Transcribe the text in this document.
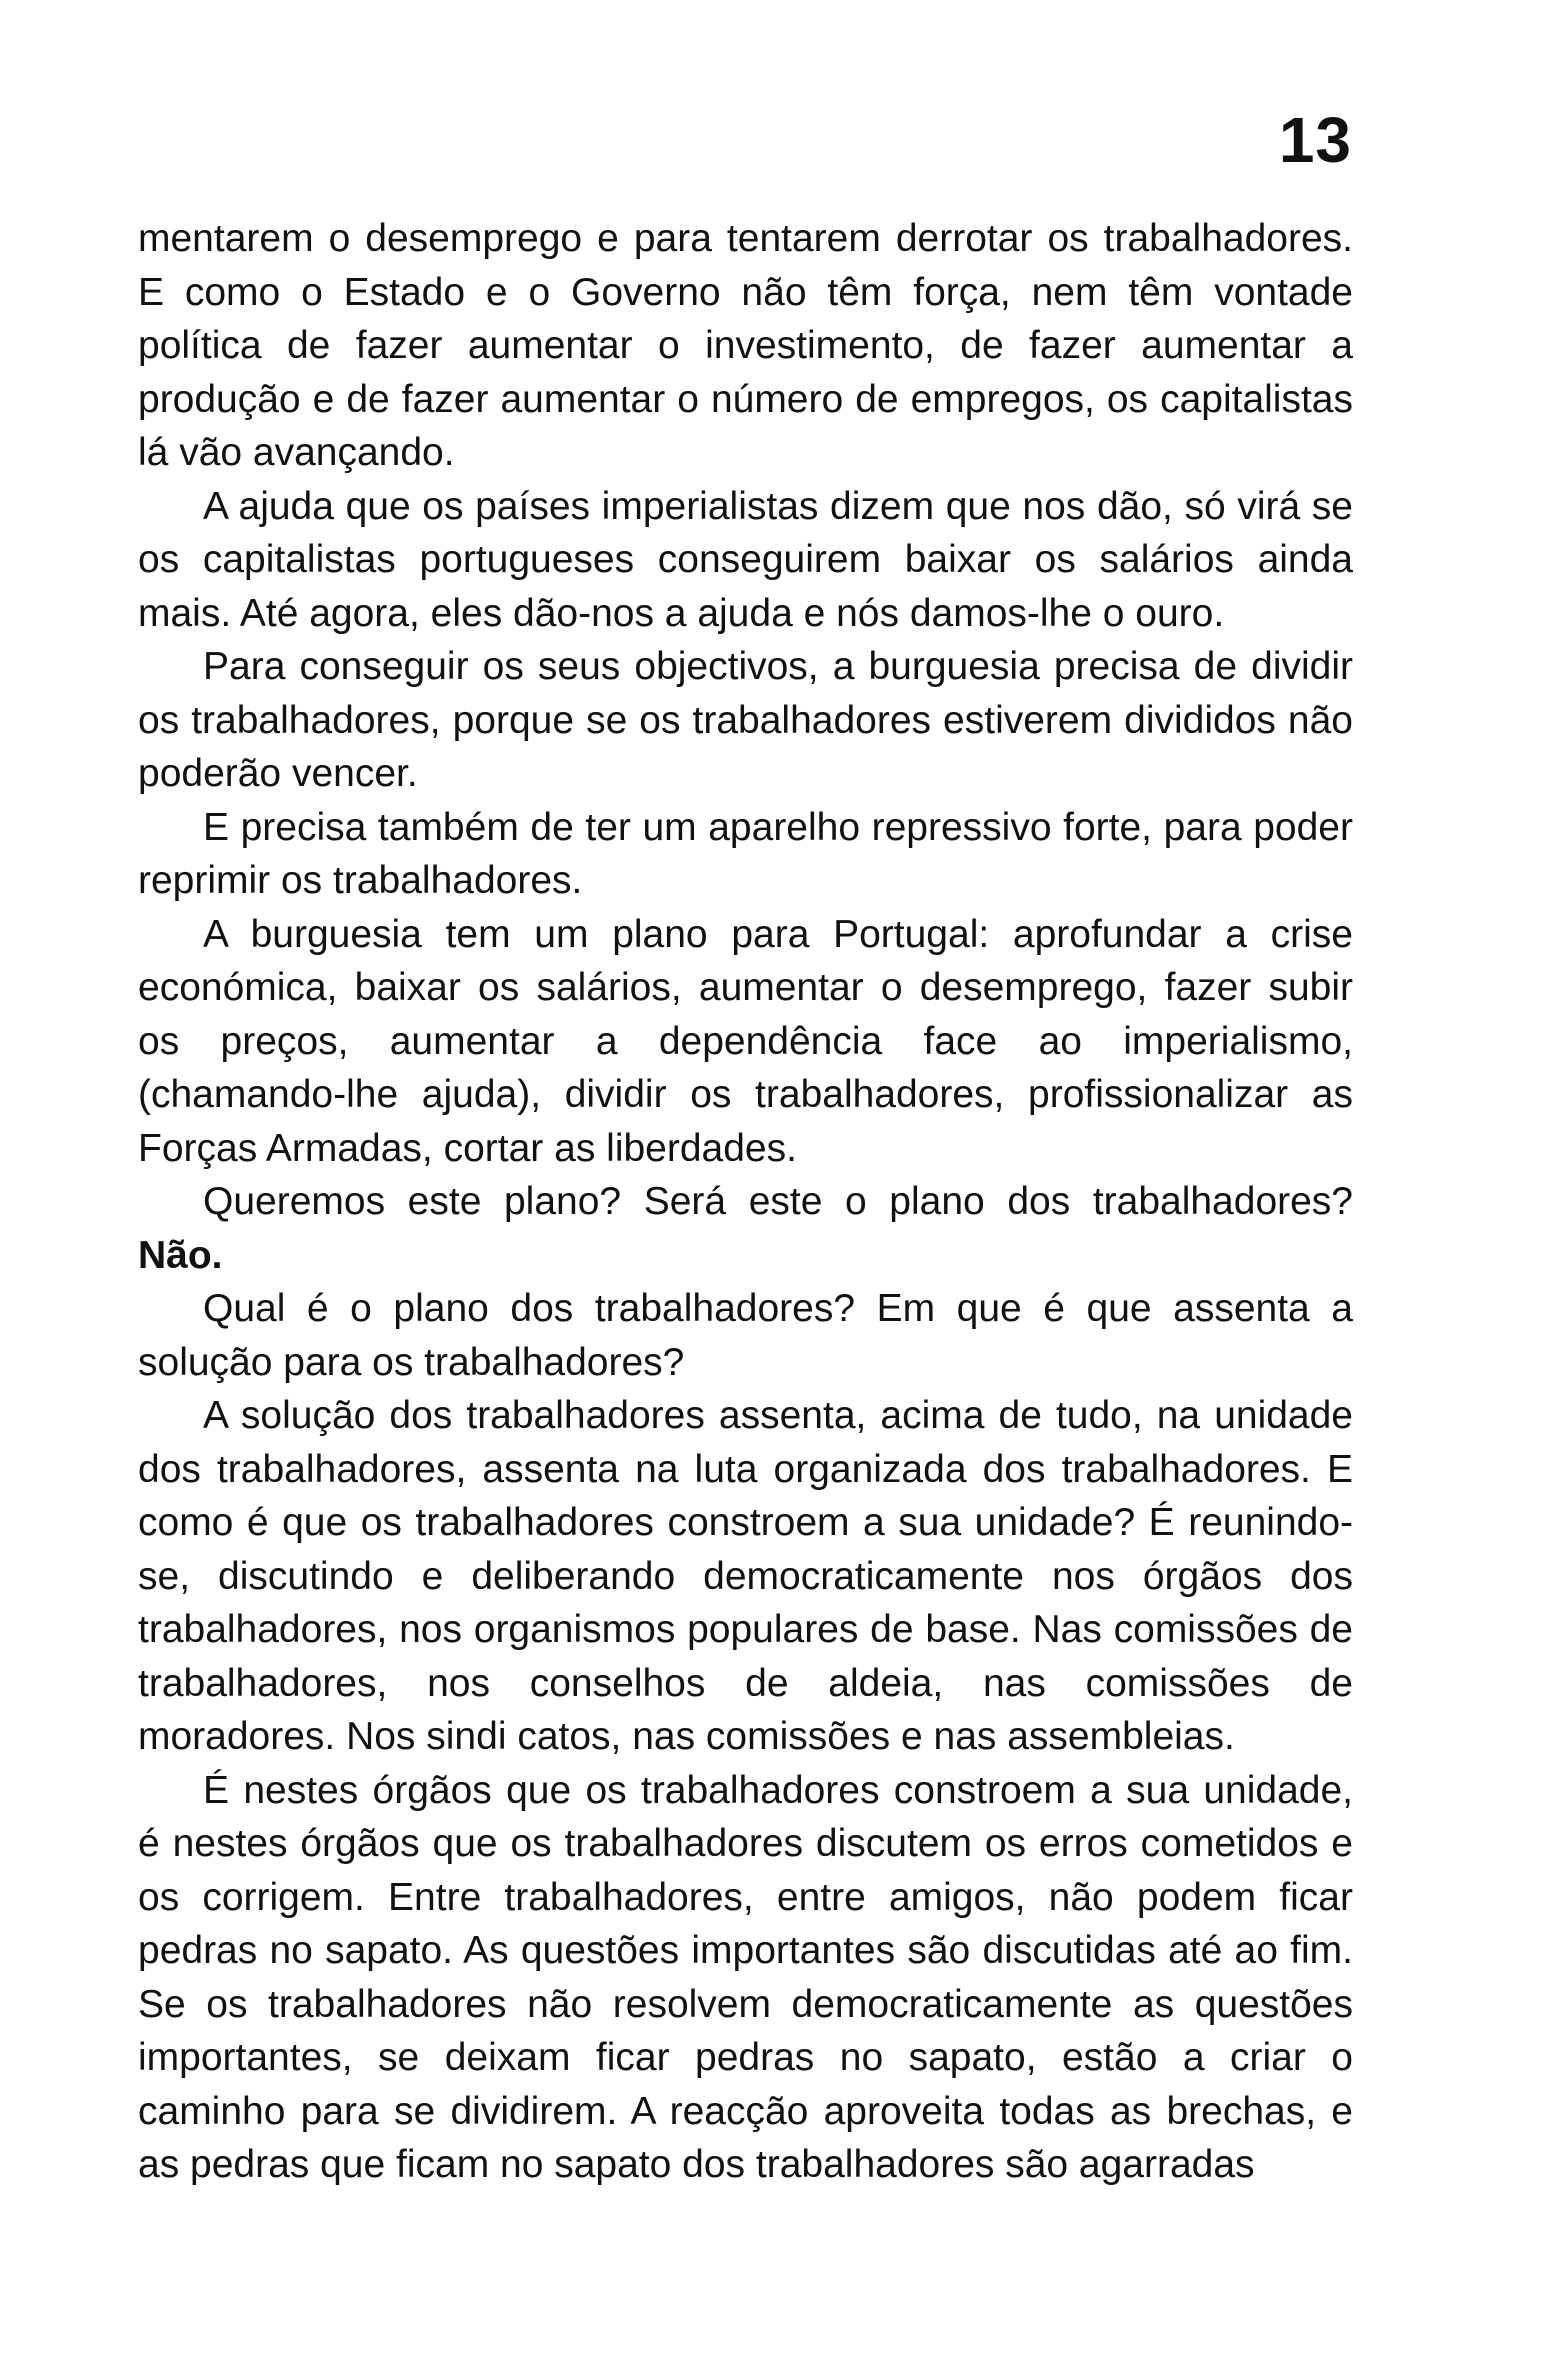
13

mentarem o desemprego e para tentarem derrotar os trabalhadores. E como o Estado e o Governo não têm força, nem têm vontade política de fazer aumentar o investimento, de fazer aumentar a produção e de fazer aumentar o número de empregos, os capitalistas lá vão avançando.

A ajuda que os países imperialistas dizem que nos dão, só virá se os capitalistas portugueses conseguirem baixar os salários ainda mais. Até agora, eles dão-nos a ajuda e nós damos-lhe o ouro.

Para conseguir os seus objectivos, a burguesia precisa de dividir os trabalhadores, porque se os trabalhadores estiverem divididos não poderão vencer.

E precisa também de ter um aparelho repressivo forte, para poder reprimir os trabalhadores.

A burguesia tem um plano para Portugal: aprofundar a crise económica, baixar os salários, aumentar o desemprego, fazer subir os preços, aumentar a dependência face ao imperialismo, (chamando-lhe ajuda), dividir os trabalhadores, profissionalizar as Forças Armadas, cortar as liberdades.

Queremos este plano? Será este o plano dos trabalhadores? Não.

Qual é o plano dos trabalhadores? Em que é que assenta a solução para os trabalhadores?

A solução dos trabalhadores assenta, acima de tudo, na unidade dos trabalhadores, assenta na luta organizada dos trabalhadores. E como é que os trabalhadores constroem a sua unidade? É reunindo-se, discutindo e deliberando democraticamente nos órgãos dos trabalhadores, nos organismos populares de base. Nas comissões de trabalhadores, nos conselhos de aldeia, nas comissões de moradores. Nos sindi catos, nas comissões e nas assembleias.

É nestes órgãos que os trabalhadores constroem a sua unidade, é nestes órgãos que os trabalhadores discutem os erros cometidos e os corrigem. Entre trabalhadores, entre amigos, não podem ficar pedras no sapato. As questões importantes são discutidas até ao fim. Se os trabalhadores não resolvem democraticamente as questões importantes, se deixam ficar pedras no sapato, estão a criar o caminho para se dividirem. A reacção aproveita todas as brechas, e as pedras que ficam no sapato dos trabalhadores são agarradas
